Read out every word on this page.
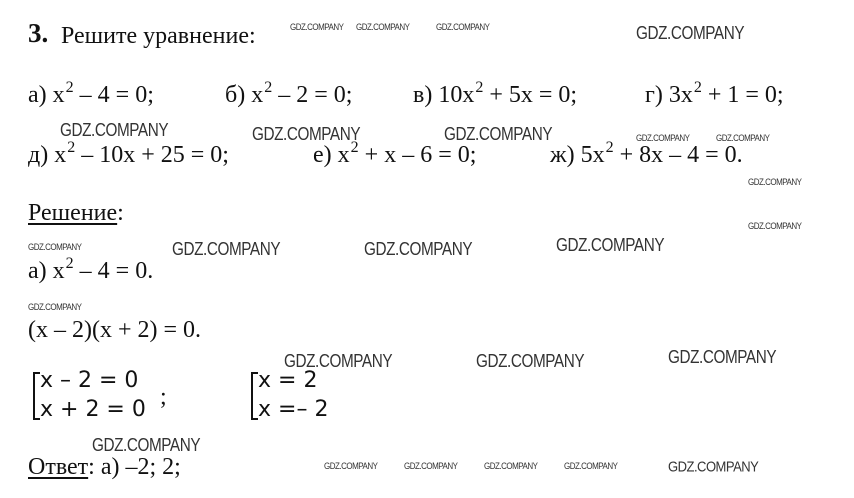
3. Решите уравнение:
а) $x^2 - 4 = 0$;	б) $x^2 - 2 = 0$;	в) $10x^2 + 5x = 0$;	г) $3x^2 + 1 = 0$;
д) $x^2 - 10x + 25 = 0$;	е) $x^2 + x - 6 = 0$;	ж) $5x^2 + 8x - 4 = 0$.
Решение:
а) $x^2 - 4 = 0$.
(x – 2)(x + 2) = 0.
x – 2 = 0
x + 2 = 0 ;
x = 2
x =– 2
Ответ: а) –2; 2;
GDZ.COMPANY GDZ.COMPANY	GDZ.COMPANY	GDZ.COMPANY
GDZ.COMPANY	GDZ.COMPANY	GDZ.COMPANY	GDZ.COMPANY	GDZ.COMPANY
GDZ.COMPANY
GDZ.COMPANY
GDZ.COMPANY	GDZ.COMPANY	GDZ.COMPANY	GDZ.COMPANY
GDZ.COMPANY
GDZ.COMPANY	GDZ.COMPANY	GDZ.COMPANY
GDZ.COMPANY
GDZ.COMPANY	GDZ.COMPANY	GDZ.COMPANY	GDZ.COMPANY	GDZ.COMPANY
